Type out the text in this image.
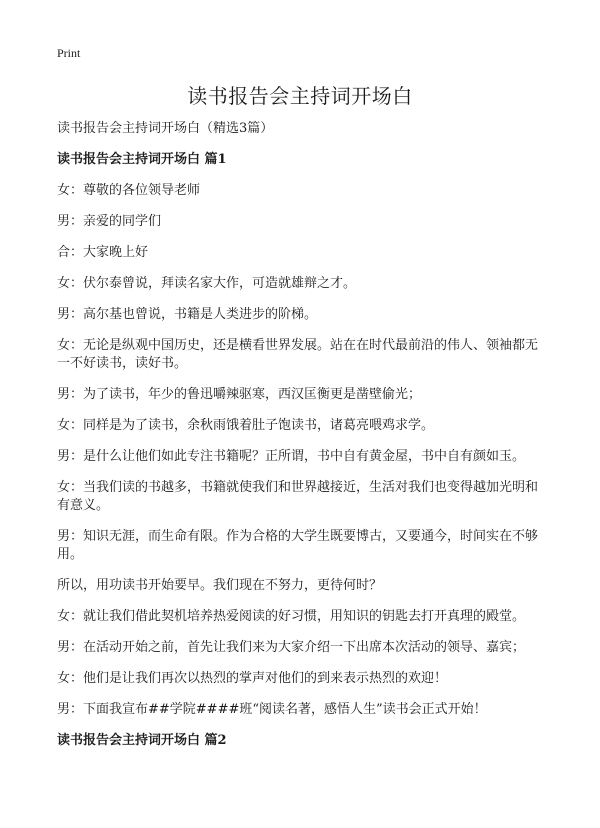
Print
读书报告会主持词开场白

读书报告会主持词开场白（精选3篇）

读书报告会主持词开场白 篇1

女：尊敬的各位领导老师

男：亲爱的同学们

合：大家晚上好

女：伏尔泰曾说，拜读名家大作，可造就雄辩之才。

男：高尔基也曾说，书籍是人类进步的阶梯。

女：无论是纵观中国历史，还是横看世界发展。站在在时代最前沿的伟人、领袖都无一不好读书，读好书。

男：为了读书，年少的鲁迅嚼辣驱寒，西汉匡衡更是凿壁偷光；

女：同样是为了读书，余秋雨饿着肚子饱读书，诸葛亮喂鸡求学。

男：是什么让他们如此专注书籍呢？正所谓，书中自有黄金屋，书中自有颜如玉。

女：当我们读的书越多，书籍就使我们和世界越接近，生活对我们也变得越加光明和有意义。

男：知识无涯，而生命有限。作为合格的大学生既要博古，又要通今，时间实在不够用。

所以，用功读书开始要早。我们现在不努力，更待何时？

女：就让我们借此契机培养热爱阅读的好习惯，用知识的钥匙去打开真理的殿堂。

男：在活动开始之前，首先让我们来为大家介绍一下出席本次活动的领导、嘉宾；

女：他们是让我们再次以热烈的掌声对他们的到来表示热烈的欢迎！

男：下面我宣布##学院####班“阅读名著，感悟人生”读书会正式开始！

读书报告会主持词开场白 篇2
